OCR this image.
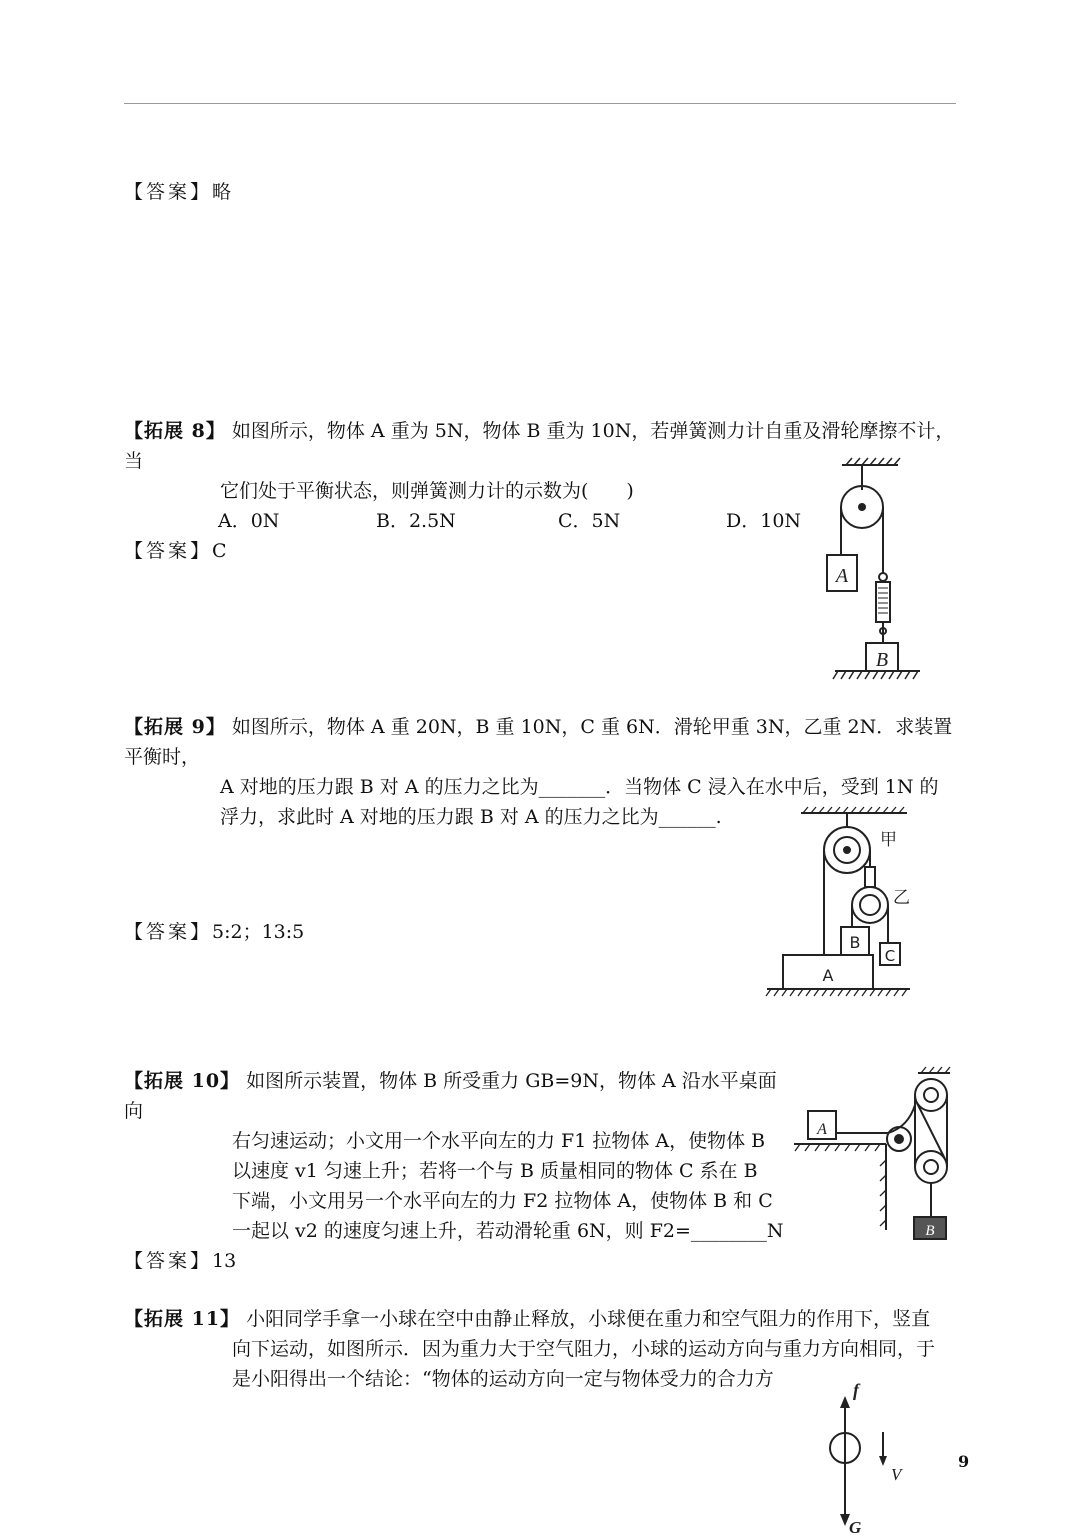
【答案】略
【拓展 8】 如图所示，物体 A 重为 5N，物体 B 重为 10N，若弹簧测力计自重及滑轮摩擦不计，当
它们处于平衡状态，则弹簧测力计的示数为(　　)
A．0N	B．2.5N	C．5N	D．10N
【答案】C
A
B
【拓展 9】 如图所示，物体 A 重 20N，B 重 10N，C 重 6N．滑轮甲重 3N，乙重 2N．求装置平衡时，
A 对地的压力跟 B 对 A 的压力之比为_______．当物体 C 浸入在水中后，受到 1N 的
浮力，求此时 A 对地的压力跟 B 对 A 的压力之比为______.
【答案】5:2；13:5
甲
乙
A
B
C
【拓展 10】 如图所示装置，物体 B 所受重力 GB=9N，物体 A 沿水平桌面向
右匀速运动；小文用一个水平向左的力 F1 拉物体 A，使物体 B
以速度 v1 匀速上升；若将一个与 B 质量相同的物体 C 系在 B
下端，小文用另一个水平向左的力 F2 拉物体 A，使物体 B 和 C
一起以 v2 的速度匀速上升，若动滑轮重 6N，则 F2=________N
【答案】13
A
B
【拓展 11】 小阳同学手拿一小球在空中由静止释放，小球便在重力和空气阻力的作用下，竖直
向下运动，如图所示．因为重力大于空气阻力，小球的运动方向与重力方向相同，于
是小阳得出一个结论：“物体的运动方向一定与物体受力的合力方	f
V
G
9
